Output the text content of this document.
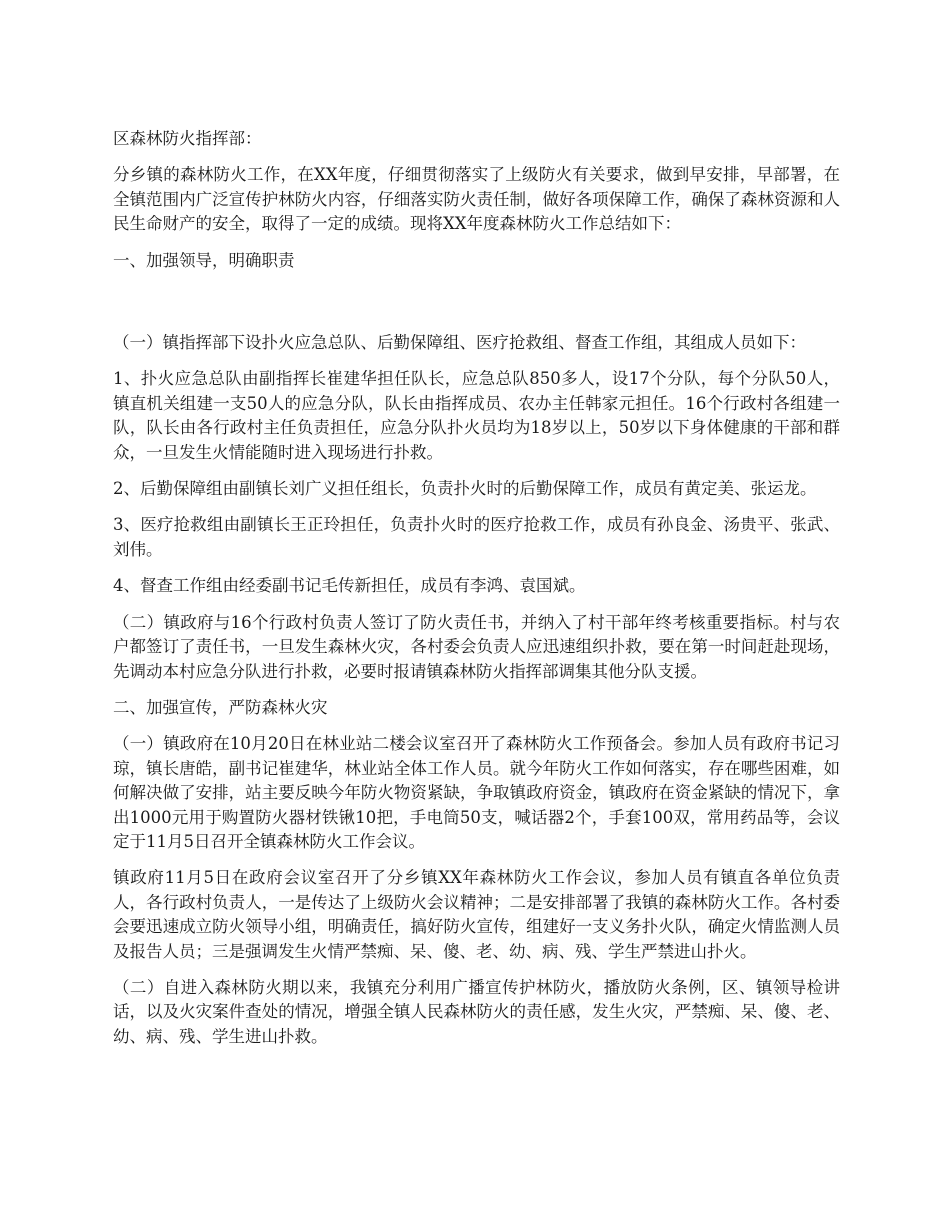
区森林防火指挥部：

分乡镇的森林防火工作，在XX年度，仔细贯彻落实了上级防火有关要求，做到早安排，早部署，在全镇范围内广泛宣传护林防火内容，仔细落实防火责任制，做好各项保障工作，确保了森林资源和人民生命财产的安全，取得了一定的成绩。现将XX年度森林防火工作总结如下：

一、加强领导，明确职责

（一）镇指挥部下设扑火应急总队、后勤保障组、医疗抢救组、督查工作组，其组成人员如下：

1、扑火应急总队由副指挥长崔建华担任队长，应急总队850多人，设17个分队，每个分队50人，镇直机关组建一支50人的应急分队，队长由指挥成员、农办主任韩家元担任。16个行政村各组建一队，队长由各行政村主任负责担任，应急分队扑火员均为18岁以上，50岁以下身体健康的干部和群众，一旦发生火情能随时进入现场进行扑救。

2、后勤保障组由副镇长刘广义担任组长，负责扑火时的后勤保障工作，成员有黄定美、张运龙。

3、医疗抢救组由副镇长王正玲担任，负责扑火时的医疗抢救工作，成员有孙良金、汤贵平、张武、刘伟。

4、督查工作组由经委副书记毛传新担任，成员有李鸿、袁国斌。

（二）镇政府与16个行政村负责人签订了防火责任书，并纳入了村干部年终考核重要指标。村与农户都签订了责任书，一旦发生森林火灾，各村委会负责人应迅速组织扑救，要在第一时间赶赴现场，先调动本村应急分队进行扑救，必要时报请镇森林防火指挥部调集其他分队支援。

二、加强宣传，严防森林火灾

（一）镇政府在10月20日在林业站二楼会议室召开了森林防火工作预备会。参加人员有政府书记习琼，镇长唐皓，副书记崔建华，林业站全体工作人员。就今年防火工作如何落实，存在哪些困难，如何解决做了安排，站主要反映今年防火物资紧缺，争取镇政府资金，镇政府在资金紧缺的情况下，拿出1000元用于购置防火器材铁锹10把，手电筒50支，喊话器2个，手套100双，常用药品等，会议定于11月5日召开全镇森林防火工作会议。

镇政府11月5日在政府会议室召开了分乡镇XX年森林防火工作会议，参加人员有镇直各单位负责人，各行政村负责人，一是传达了上级防火会议精神；二是安排部署了我镇的森林防火工作。各村委会要迅速成立防火领导小组，明确责任，搞好防火宣传，组建好一支义务扑火队，确定火情监测人员及报告人员；三是强调发生火情严禁痴、呆、傻、老、幼、病、残、学生严禁进山扑火。

（二）自进入森林防火期以来，我镇充分利用广播宣传护林防火，播放防火条例，区、镇领导检讲话，以及火灾案件查处的情况，增强全镇人民森林防火的责任感，发生火灾，严禁痴、呆、傻、老、幼、病、残、学生进山扑救。
